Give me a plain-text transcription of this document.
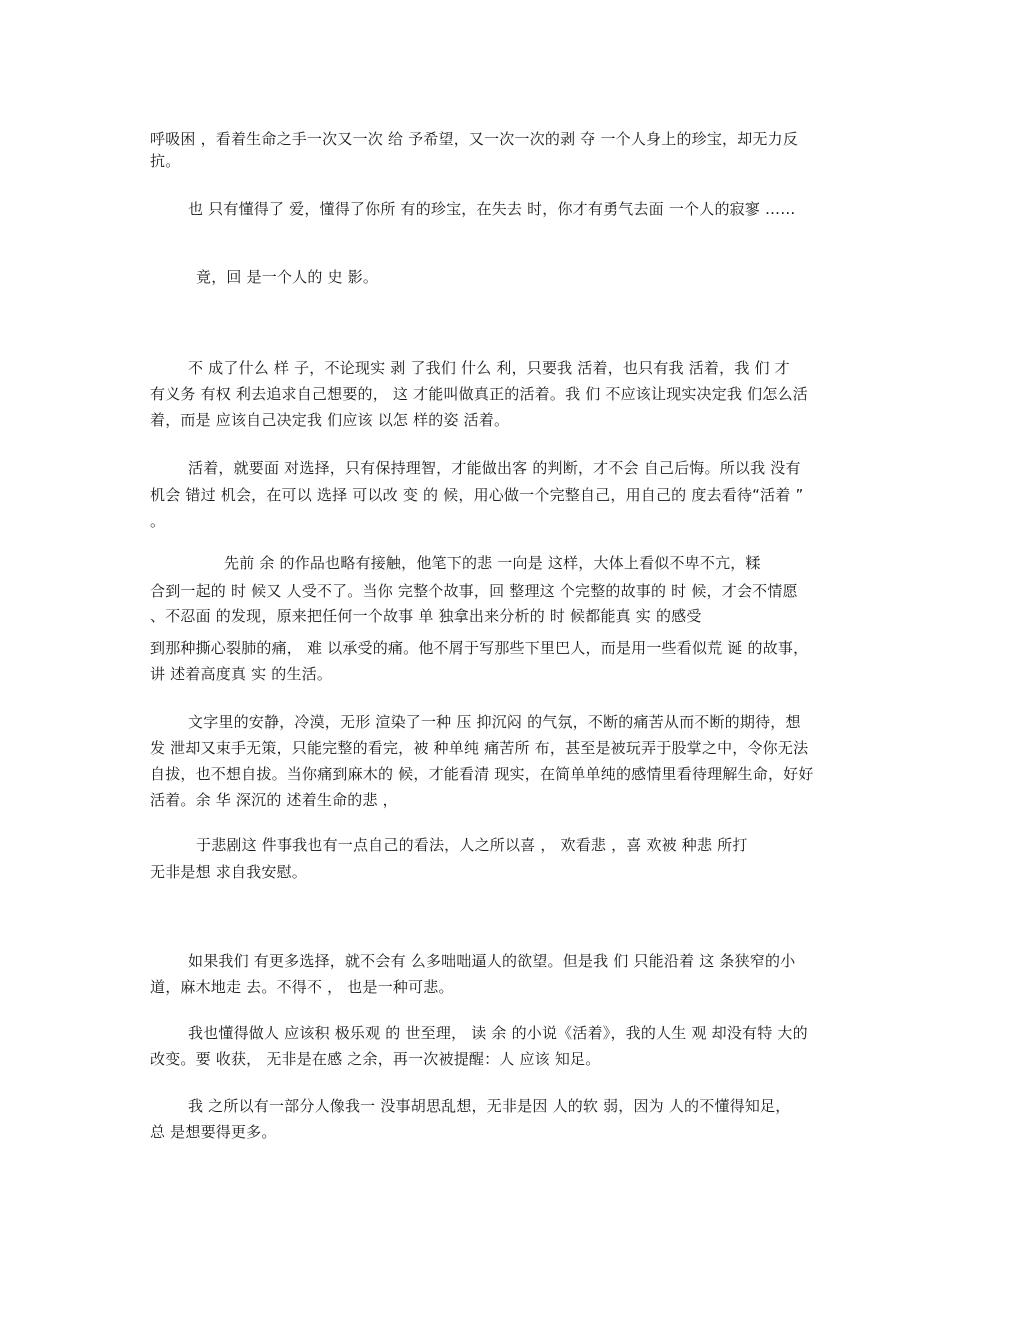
呼吸困 ，看着生命之手一次又一次 给 予希望，又一次一次的剥 夺 一个人身上的珍宝，却无力反
抗。
也 只有懂得了 爱，懂得了你所 有的珍宝，在失去 时，你才有勇气去面 一个人的寂寥 ……
竟，回 是一个人的 史 影。
不 成了什么 样 子，不论现实 剥 了我们 什么 利，只要我 活着，也只有我 活着，我 们 才
有义务 有权 利去追求自己想要的， 这 才能叫做真正的活着。我 们 不应该让现实决定我 们怎么活
着，而是 应该自己决定我 们应该 以怎 样的姿 活着。
活着，就要面 对选择，只有保持理智，才能做出客 的判断，才不会 自己后悔。所以我 没有
机会 错过 机会，在可以 选择 可以改 变 的 候，用心做一个完整自己，用自己的 度去看待“活着 ”
。
先前 余 的作品也略有接触，他笔下的悲 一向是 这样，大体上看似不卑不亢，糅
合到一起的 时 候又 人受不了。当你 完整个故事，回 整理这 个完整的故事的 时 候，才会不情愿
、不忍面 的发现，原来把任何一个故事 单 独拿出来分析的 时 候都能真 实 的感受
到那种撕心裂肺的痛， 难 以承受的痛。他不屑于写那些下里巴人，而是用一些看似荒 诞 的故事，
讲 述着高度真 实 的生活。
文字里的安静，冷漠，无形 渲染了一种 压 抑沉闷 的气氛，不断的痛苦从而不断的期待，想
发 泄却又束手无策，只能完整的看完，被 种单纯 痛苦所 布，甚至是被玩弄于股掌之中，令你无法
自拔，也不想自拔。当你痛到麻木的 候，才能看清 现实，在简单单纯的感情里看待理解生命，好好
活着。余 华 深沉的 述着生命的悲 ，
于悲剧这 件事我也有一点自己的看法，人之所以喜 ， 欢看悲 ，喜 欢被 种悲 所打
无非是想 求自我安慰。
如果我们 有更多选择，就不会有 么多咄咄逼人的欲望。但是我 们 只能沿着 这 条狭窄的小
道，麻木地走 去。不得不 ， 也是一种可悲。
我也懂得做人 应该积 极乐观 的 世至理， 读 余 的小说《活着》，我的人生 观 却没有特 大的
改变。要 收获， 无非是在感 之余，再一次被提醒：人 应该 知足。
我 之所以有一部分人像我一 没事胡思乱想，无非是因 人的软 弱，因为 人的不懂得知足，
总 是想要得更多。
